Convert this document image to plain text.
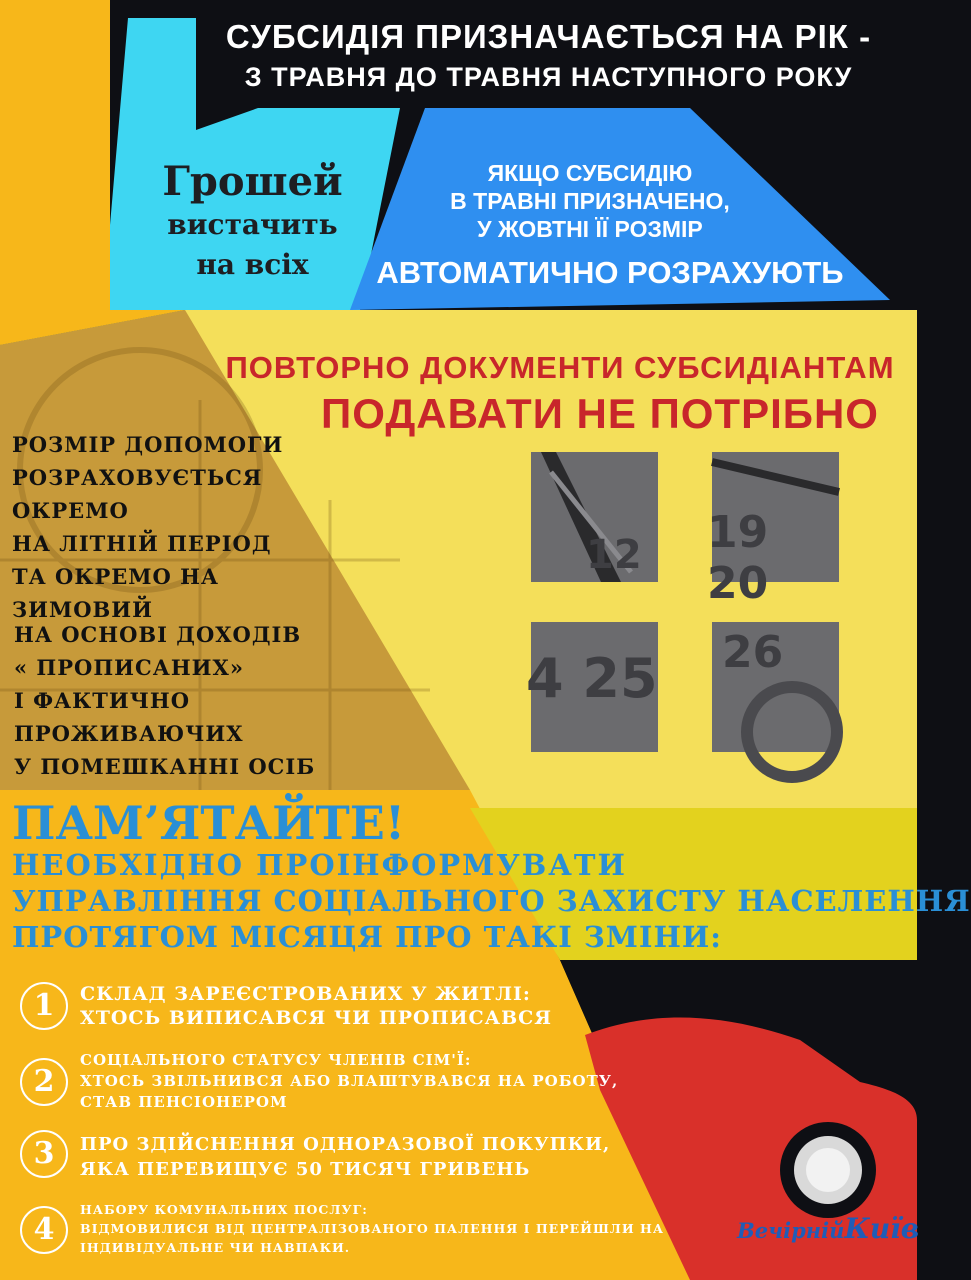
СУБСИДІЯ ПРИЗНАЧАЄТЬСЯ НА РІК -
З ТРАВНЯ ДО ТРАВНЯ НАСТУПНОГО РОКУ
Грошей
вистачить
на всіх
ЯКЩО СУБСИДІЮ
В ТРАВНІ ПРИЗНАЧЕНО,
У ЖОВТНІ ЇЇ РОЗМІР
АВТОМАТИЧНО РОЗРАХУЮТЬ
ПОВТОРНО ДОКУМЕНТИ СУБСИДІАНТАМ
ПОДАВАТИ НЕ ПОТРІБНО
12 19 20
4 25 26
РОЗМІР ДОПОМОГИ
РОЗРАХОВУЄТЬСЯ
ОКРЕМО
НА ЛІТНІЙ ПЕРІОД
ТА ОКРЕМО НА ЗИМОВИЙ
НА ОСНОВІ ДОХОДІВ
« ПРОПИСАНИХ»
І ФАКТИЧНО
ПРОЖИВАЮЧИХ
У ПОМЕШКАННІ ОСІБ
ПАМ’ЯТАЙТЕ!
НЕОБХІДНО ПРОІНФОРМУВАТИ
УПРАВЛІННЯ СОЦІАЛЬНОГО ЗАХИСТУ НАСЕЛЕННЯ
ПРОТЯГОМ МІСЯЦЯ ПРО ТАКІ ЗМІНИ:
1	СКЛАД ЗАРЕЄСТРОВАНИХ У ЖИТЛІ:
ХТОСЬ ВИПИСАВСЯ ЧИ ПРОПИСАВСЯ
2
СОЦІАЛЬНОГО СТАТУСУ ЧЛЕНІВ СІМ'Ї:
ХТОСЬ ЗВІЛЬНИВСЯ АБО ВЛАШТУВАВСЯ НА РОБОТУ,
СТАВ ПЕНСІОНЕРОМ
3	ПРО ЗДІЙСНЕННЯ ОДНОРАЗОВОЇ ПОКУПКИ,
ЯКА ПЕРЕВИЩУЄ 50 ТИСЯЧ ГРИВЕНЬ
4
НАБОРУ КОМУНАЛЬНИХ ПОСЛУГ:
ВІДМОВИЛИСЯ ВІД ЦЕНТРАЛІЗОВАНОГО ПАЛЕННЯ І ПЕРЕЙШЛИ НА
ІНДИВІДУАЛЬНЕ ЧИ НАВПАКИ.
ВечірнійКиїв
